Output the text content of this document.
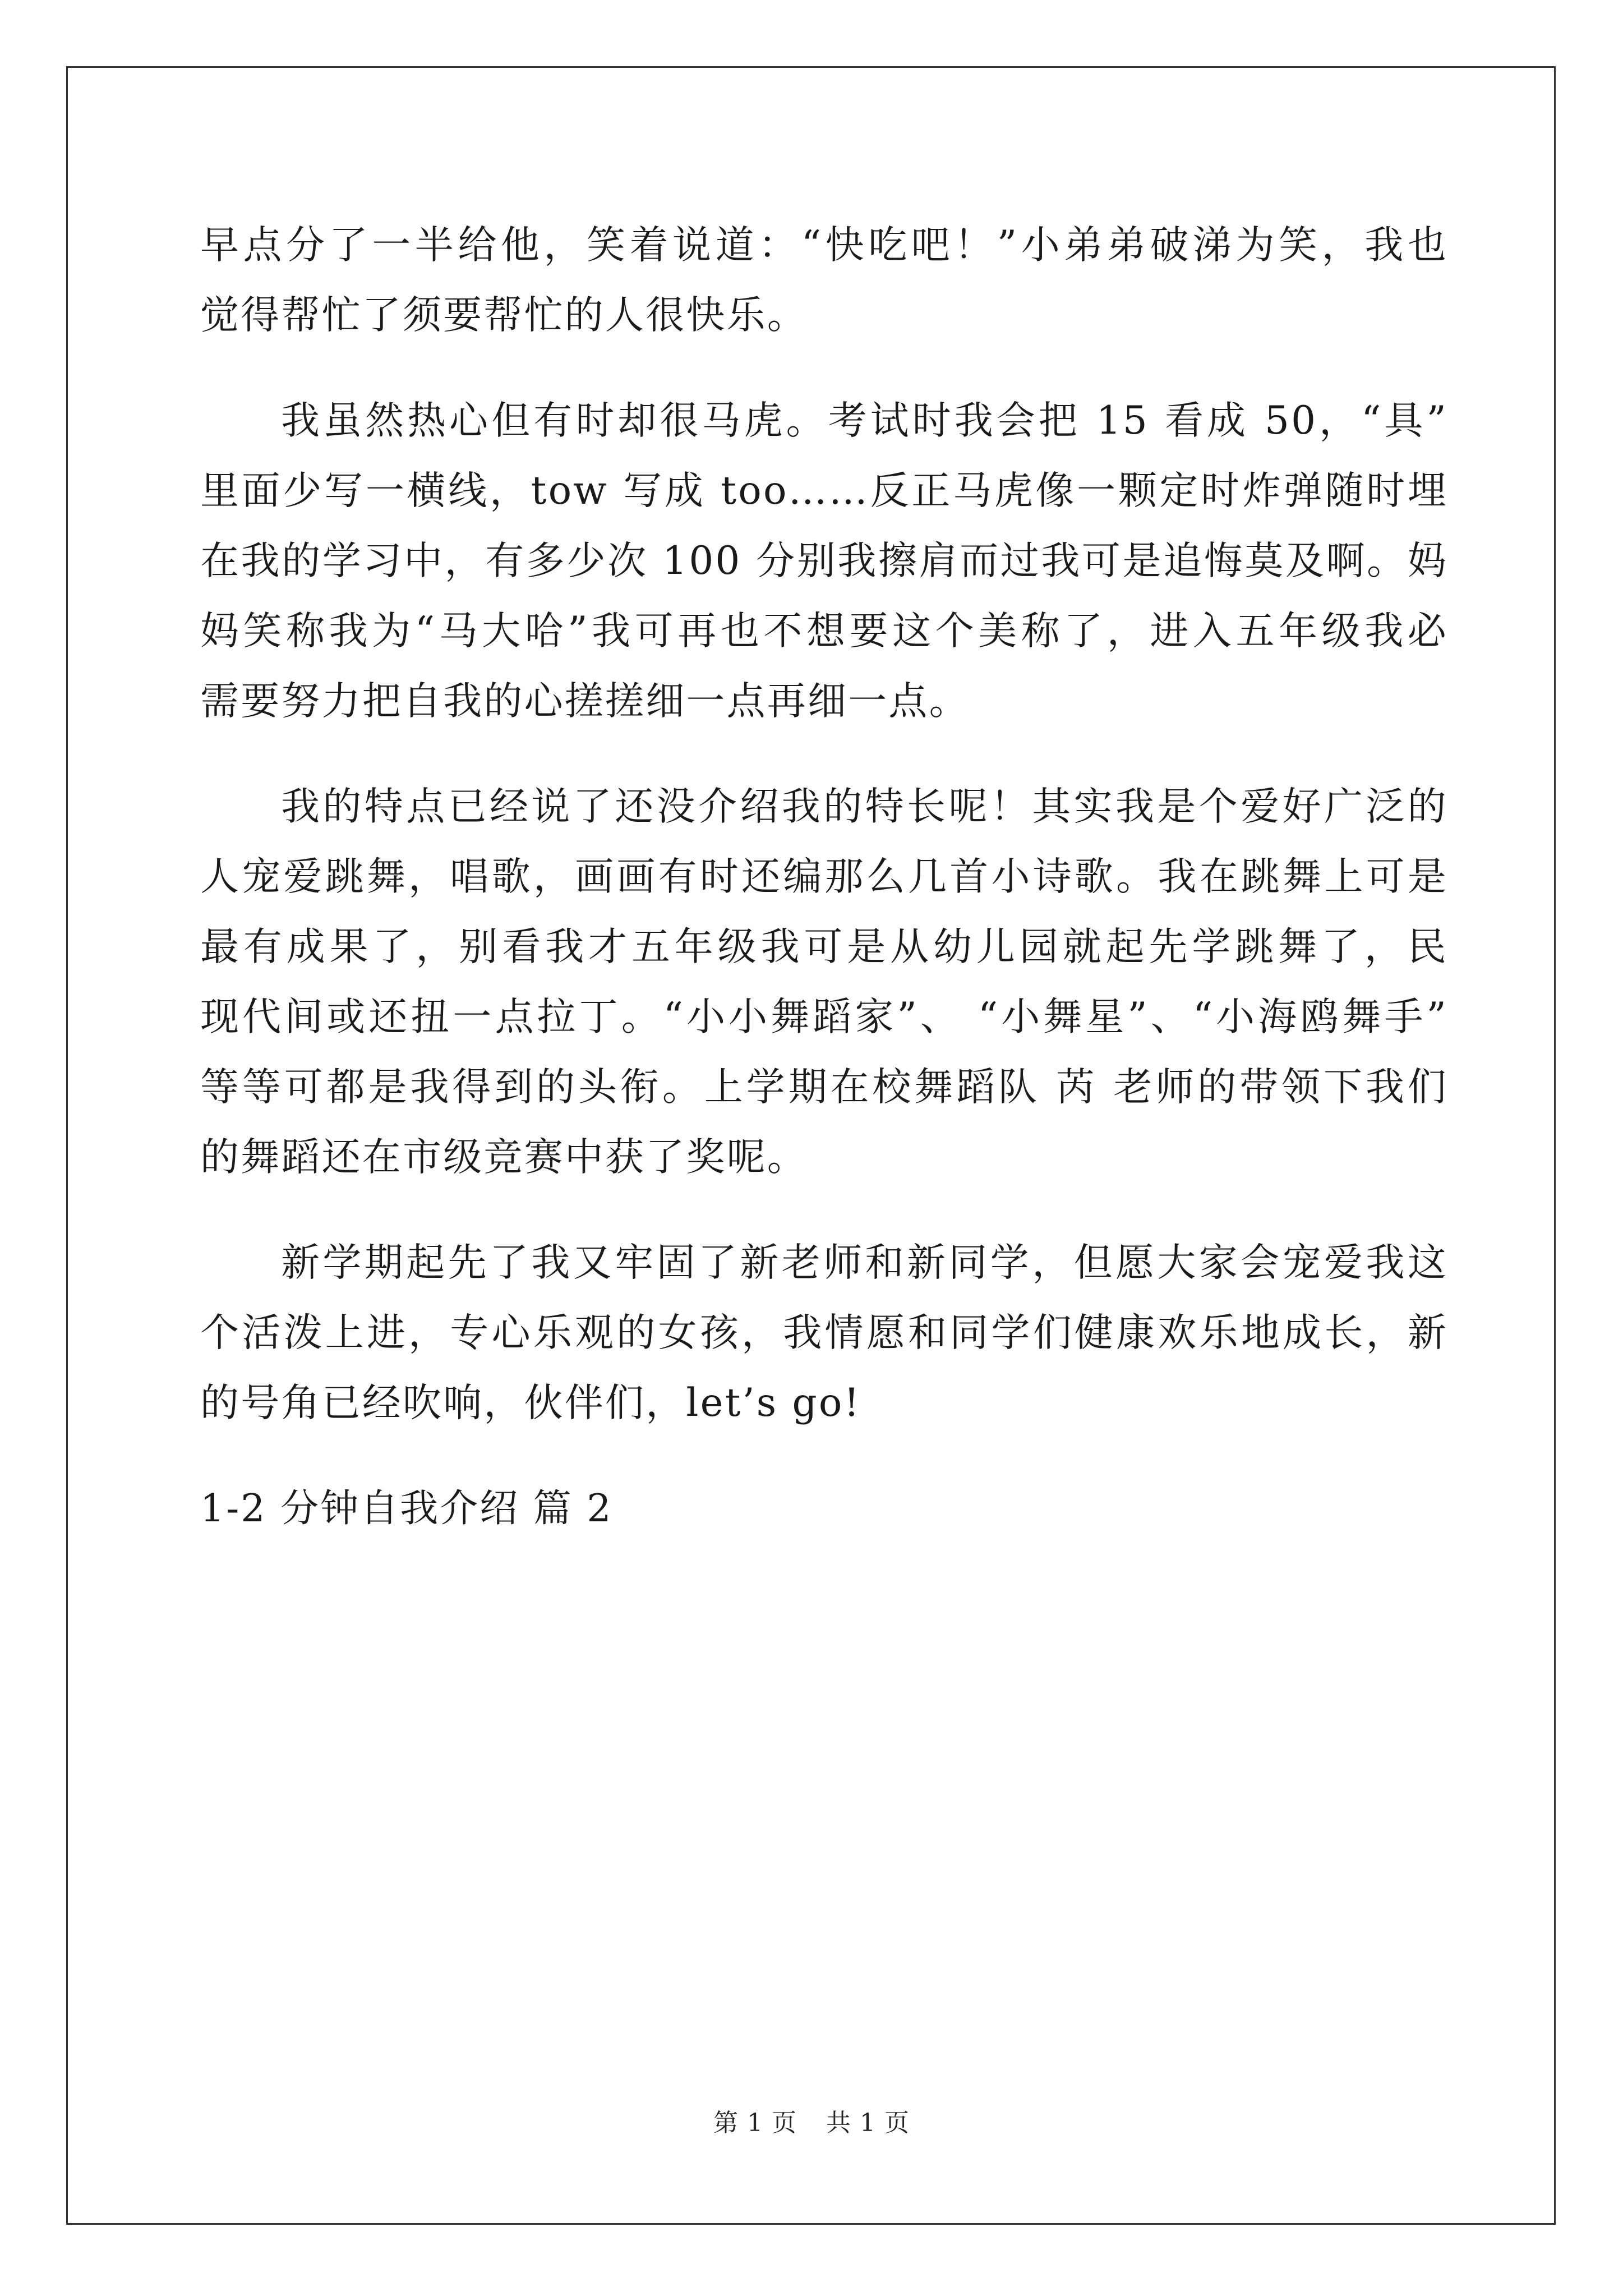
早点分了一半给他，笑着说道：“快吃吧！”小弟弟破涕为笑，我也
觉得帮忙了须要帮忙的人很快乐。
我虽然热心但有时却很马虎。考试时我会把 15 看成 50，“具”
里面少写一横线，tow 写成 too……反正马虎像一颗定时炸弹随时埋
在我的学习中，有多少次 100 分别我擦肩而过我可是追悔莫及啊。妈
妈笑称我为“马大哈”我可再也不想要这个美称了，进入五年级我必
需要努力把自我的心搓搓细一点再细一点。
我的特点已经说了还没介绍我的特长呢！其实我是个爱好广泛的
人宠爱跳舞，唱歌，画画有时还编那么几首小诗歌。我在跳舞上可是
最有成果了，别看我才五年级我可是从幼儿园就起先学跳舞了，民
现代间或还扭一点拉丁。“小小舞蹈家”、 “小舞星”、“小海鸥舞手”
等等可都是我得到的头衔。上学期在校舞蹈队 芮 老师的带领下我们
的舞蹈还在市级竞赛中获了奖呢。
新学期起先了我又牢固了新老师和新同学，但愿大家会宠爱我这
个活泼上进，专心乐观的女孩，我情愿和同学们健康欢乐地成长，新
的号角已经吹响，伙伴们，let’s go!
1-2 分钟自我介绍 篇 2
第 1 页 共 1 页
